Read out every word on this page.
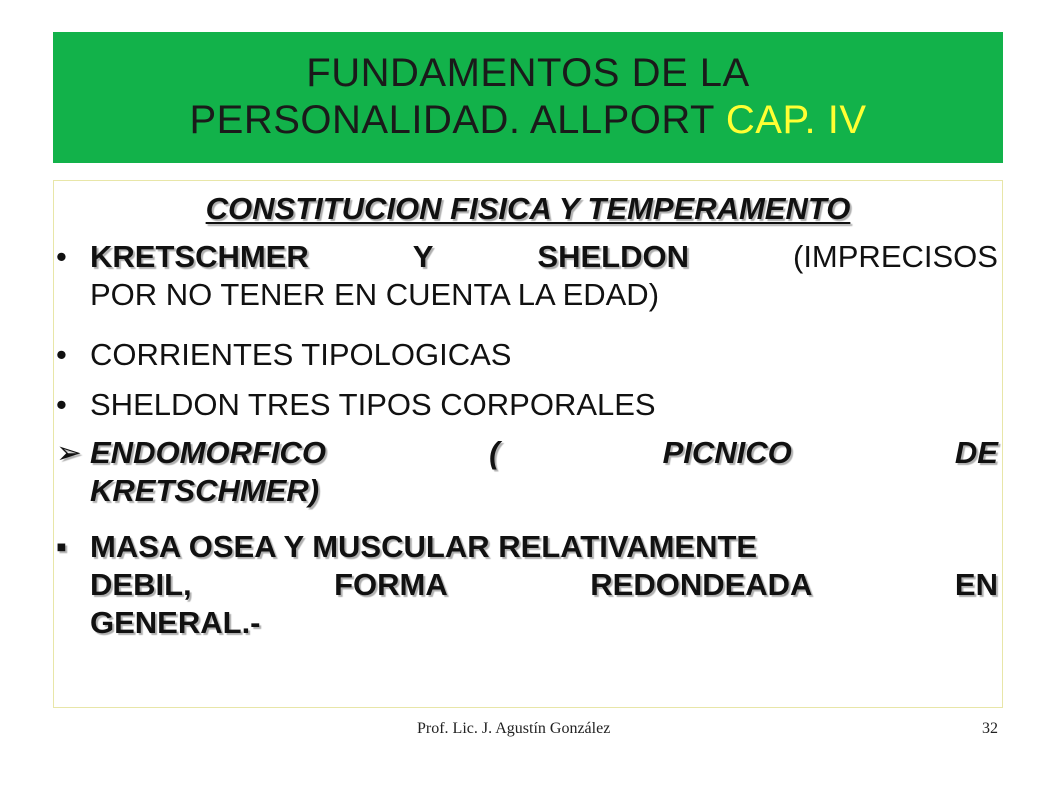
FUNDAMENTOS DE LA
PERSONALIDAD. ALLPORT CAP. IV
CONSTITUCION FISICA Y TEMPERAMENTO
• KRETSCHMER	Y	SHELDON	(IMPRECISOS
POR NO TENER EN CUENTA LA EDAD)
• CORRIENTES TIPOLOGICAS
• SHELDON TRES TIPOS CORPORALES
➢ ENDOMORFICO	(	PICNICO	DE
KRETSCHMER)
▪ MASA OSEA Y MUSCULAR RELATIVAMENTE
DEBIL,	FORMA	REDONDEADA	EN
GENERAL.-
Prof. Lic. J. Agustín González	32
